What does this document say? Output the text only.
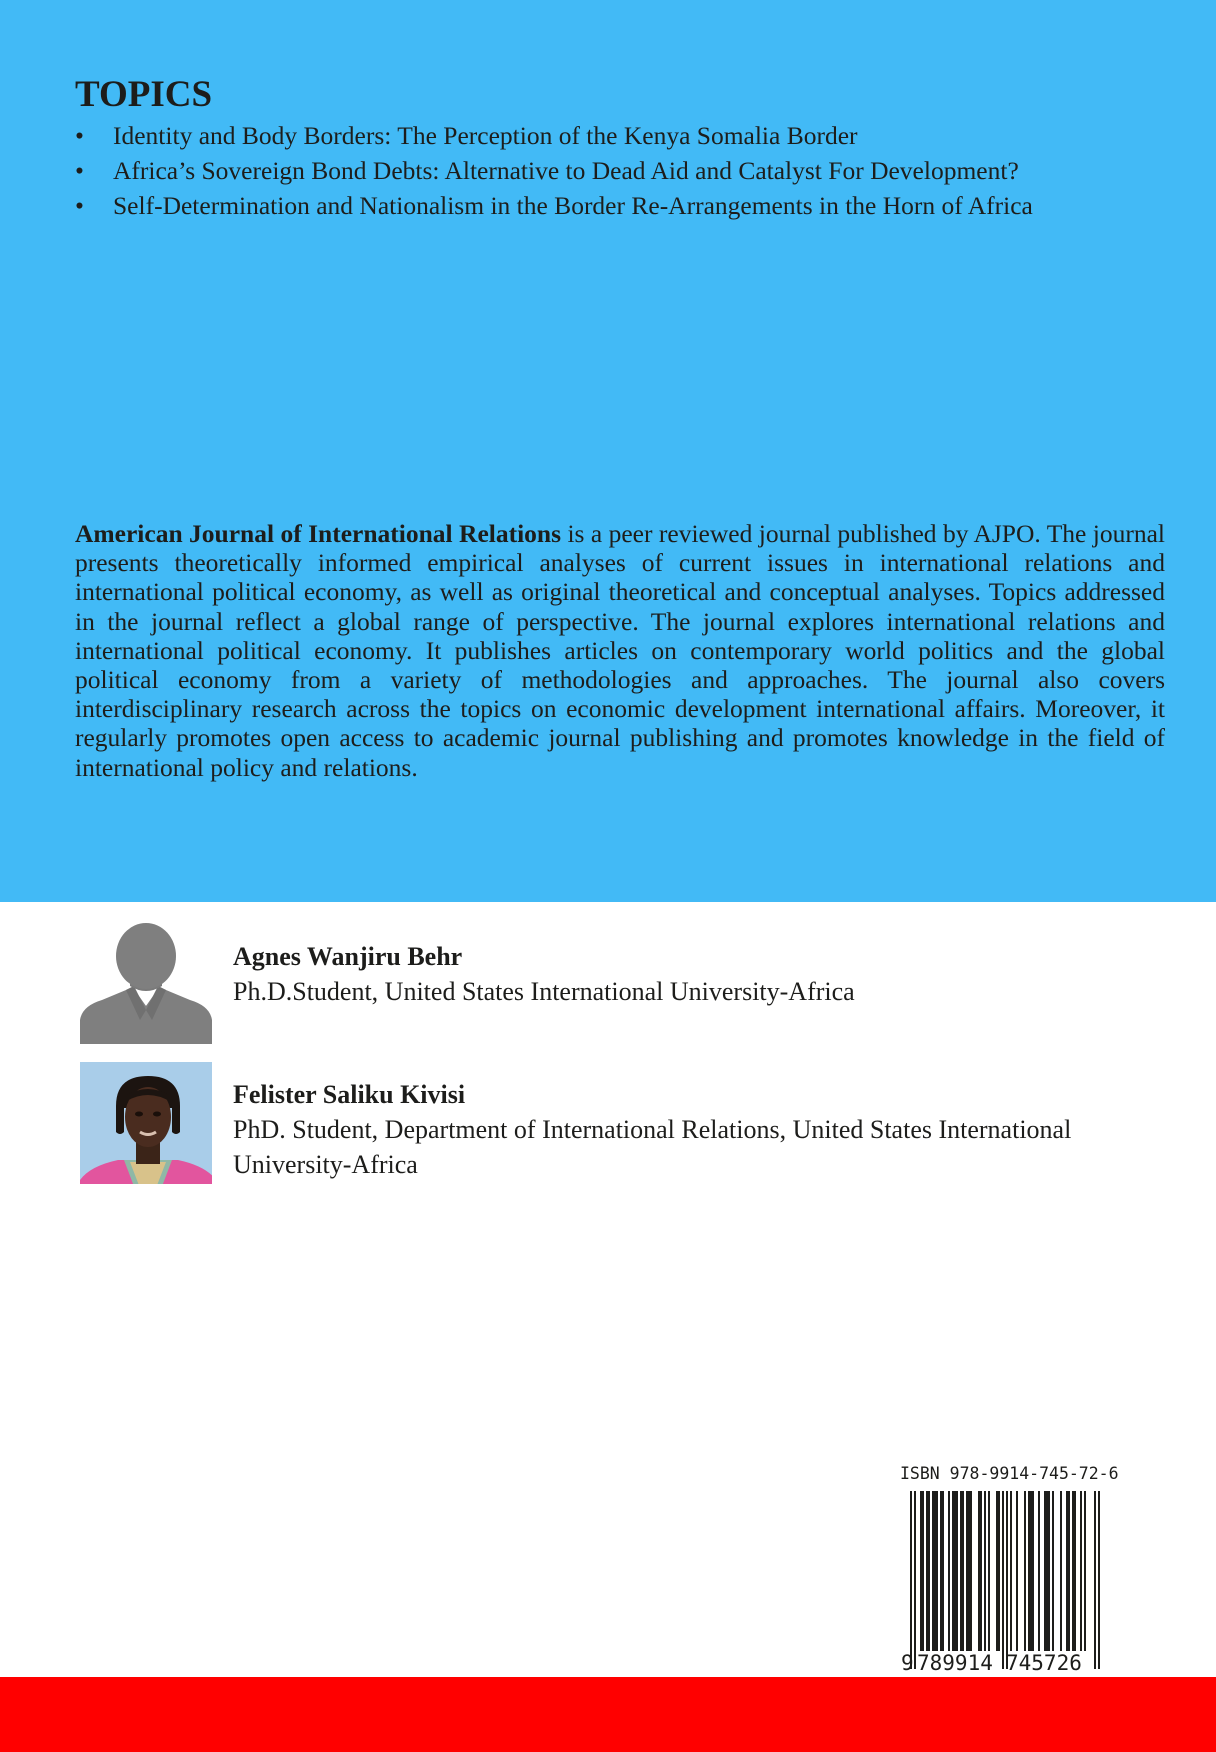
TOPICS
• Identity and Body Borders: The Perception of the Kenya Somalia Border
• Africa’s Sovereign Bond Debts: Alternative to Dead Aid and Catalyst For Development?
• Self-Determination and Nationalism in the Border Re-Arrangements in the Horn of Africa

American Journal of International Relations is a peer reviewed journal published by AJPO. The journal presents theoretically informed empirical analyses of current issues in international relations and international political economy, as well as original theoretical and conceptual analyses. Topics addressed in the journal reflect a global range of perspective. The journal explores international relations and international political economy. It publishes articles on contemporary world politics and the global political economy from a variety of methodologies and approaches. The journal also covers interdisciplinary research across the topics on economic development international affairs. Moreover, it regularly promotes open access to academic journal publishing and promotes knowledge in the field of international policy and relations.

Agnes Wanjiru Behr

Ph.D.Student, United States International University-Africa

Felister Saliku Kivisi

PhD. Student, Department of International Relations, United States International University-Africa

ISBN 978-9914-745-72-6

9 789914 745726
